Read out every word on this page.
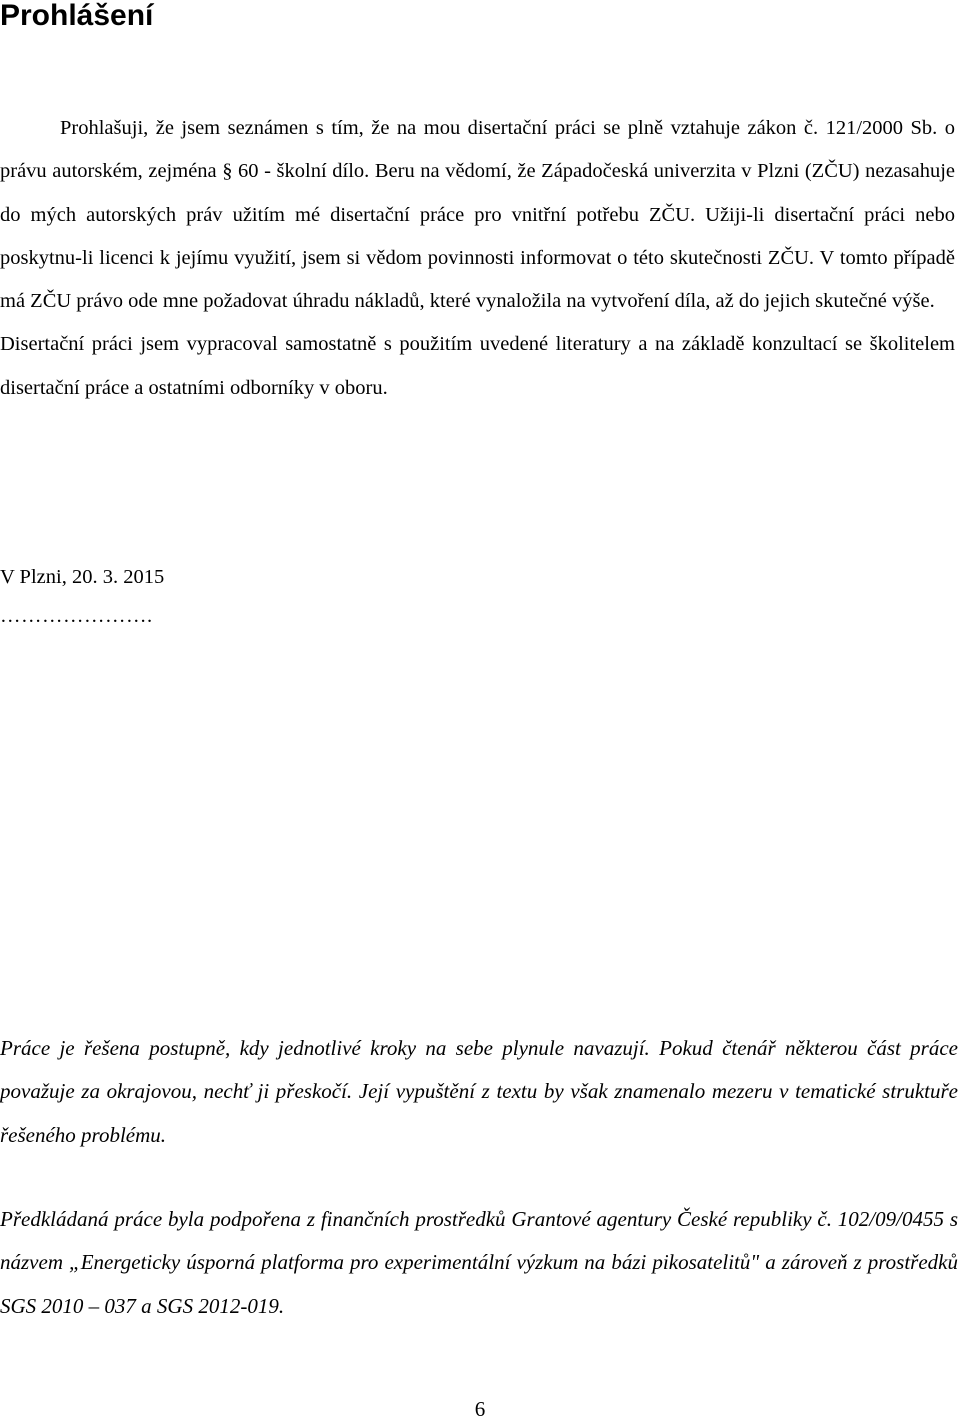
Prohlášení

Prohlašuji, že jsem seznámen s tím, že na mou disertační práci se plně vztahuje zákon č. 121/2000 Sb. o právu autorském, zejména § 60 - školní dílo. Beru na vědomí, že Západočeská univerzita v Plzni (ZČU) nezasahuje do mých autorských práv užitím mé disertační práce pro vnitřní potřebu ZČU. Užiji-li disertační práci nebo poskytnu-li licenci k jejímu využití, jsem si vědom povinnosti informovat o této skutečnosti ZČU. V tomto případě má ZČU právo ode mne požadovat úhradu nákladů, které vynaložila na vytvoření díla, až do jejich skutečné výše.
Disertační práci jsem vypracoval samostatně s použitím uvedené literatury a na základě konzultací se školitelem disertační práce a ostatními odborníky v oboru.

V Plzni, 20. 3. 2015

………………….

Práce je řešena postupně, kdy jednotlivé kroky na sebe plynule navazují. Pokud čtenář některou část práce považuje za okrajovou, nechť ji přeskočí. Její vypuštění z textu by však znamenalo mezeru v tematické struktuře řešeného problému.

Předkládaná práce byla podpořena z finančních prostředků Grantové agentury České republiky č. 102/09/0455 s názvem „Energeticky úsporná platforma pro experimentální výzkum na bázi pikosatelitů" a zároveň z prostředků SGS 2010 – 037 a SGS 2012-019.

6
